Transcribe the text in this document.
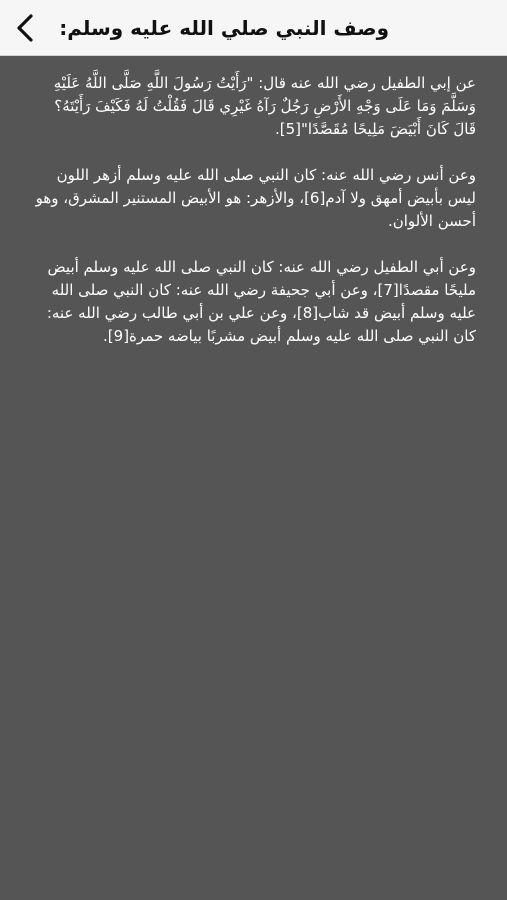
وصف النبي صلي الله عليه وسلم:

عن إبي الطفيل رضي الله عنه قال: "رَأَيْتُ رَسُولَ اللَّهِ صَلَّى اللَّهُ عَلَيْهِ وَسَلَّمَ وَمَا عَلَى وَجْهِ الأَرْضِ رَجُلٌ رَآهُ غَيْرِي قَالَ فَقُلْتُ لَهُ فَكَيْفَ رَأَيْتَهُ؟ قَالَ كَانَ أَبْيَضَ مَلِيحًا مُقَصَّدًا"[5].

وعن أنس رضي الله عنه: كان النبي صلى الله عليه وسلم أزهر اللون ليس بأبيض أمهق ولا آدم[6]، والأزهر: هو الأبيض المستنير المشرق، وهو أحسن الألوان.

وعن أبي الطفيل رضي الله عنه: كان النبي صلى الله عليه وسلم أبيض مليحًا مقصدًا[7]، وعن أبي جحيفة رضي الله عنه: كان النبي صلى الله عليه وسلم أبيض قد شاب[8]، وعن علي بن أبي طالب رضي الله عنه: كان النبي صلى الله عليه وسلم أبيض مشربًا بياضه حمرة[9].
